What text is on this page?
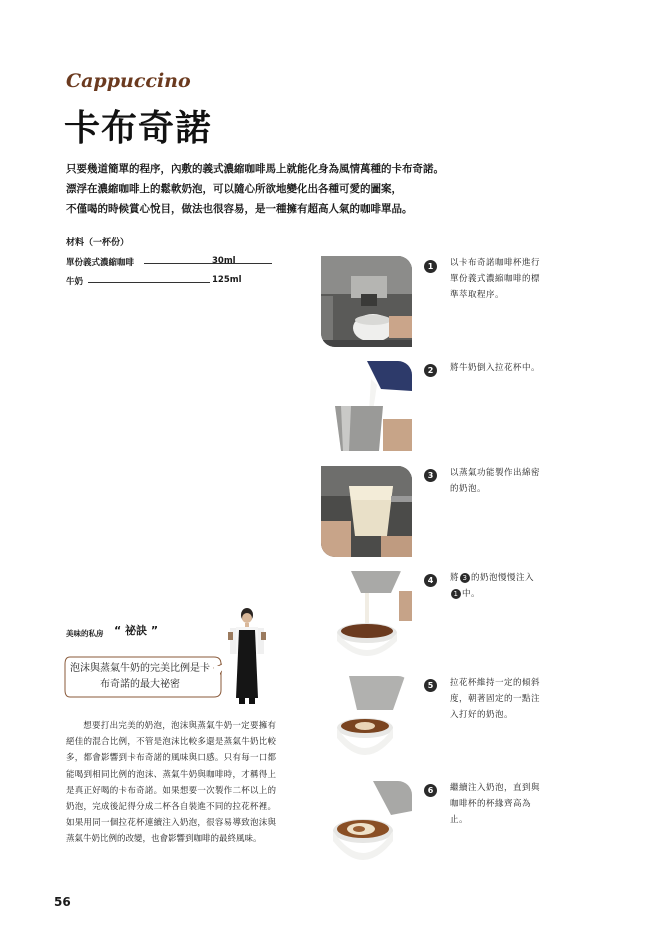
Cappuccino
卡布奇諾
只要幾道簡單的程序，內敷的義式濃縮咖啡馬上就能化身為風情萬種的卡布奇諾。
漂浮在濃縮咖啡上的鬆軟奶泡，可以隨心所欲地變化出各種可愛的圖案，
不僅喝的時候賞心悅目，做法也很容易，是一種擁有超高人氣的咖啡單品。
材料（一杯份）
單份義式濃縮咖啡	30ml
牛奶	125ml
1	以卡布奇諾咖啡杯進行單份義式濃縮咖啡的標準萃取程序。
2	將牛奶倒入拉花杯中。
3	以蒸氣功能製作出綿密的奶泡。
4	將 3 的奶泡慢慢注入
1 中。
5	拉花杯維持一定的傾斜度，朝著固定的一點注入打好的奶泡。
6	繼續注入奶泡，直到與咖啡杯的杯緣齊高為止。
美味的私房 “ 祕訣 ”
泡沫與蒸氣牛奶的完美比例是卡布奇諾的最大祕密
想要打出完美的奶泡，泡沫與蒸氣牛奶一定要擁有絕佳的混合比例，不管是泡沫比較多還是蒸氣牛奶比較多，都會影響到卡布奇諾的風味與口感。只有每一口都能喝到相同比例的泡沫、蒸氣牛奶與咖啡時，才稱得上是真正好喝的卡布奇諾。如果想要一次製作二杯以上的奶泡，完成後記得分成二杯各自裝進不同的拉花杯裡。如果用同一個拉花杯連續注入奶泡，很容易導致泡沫與蒸氣牛奶比例的改變，也會影響到咖啡的最終風味。
56
